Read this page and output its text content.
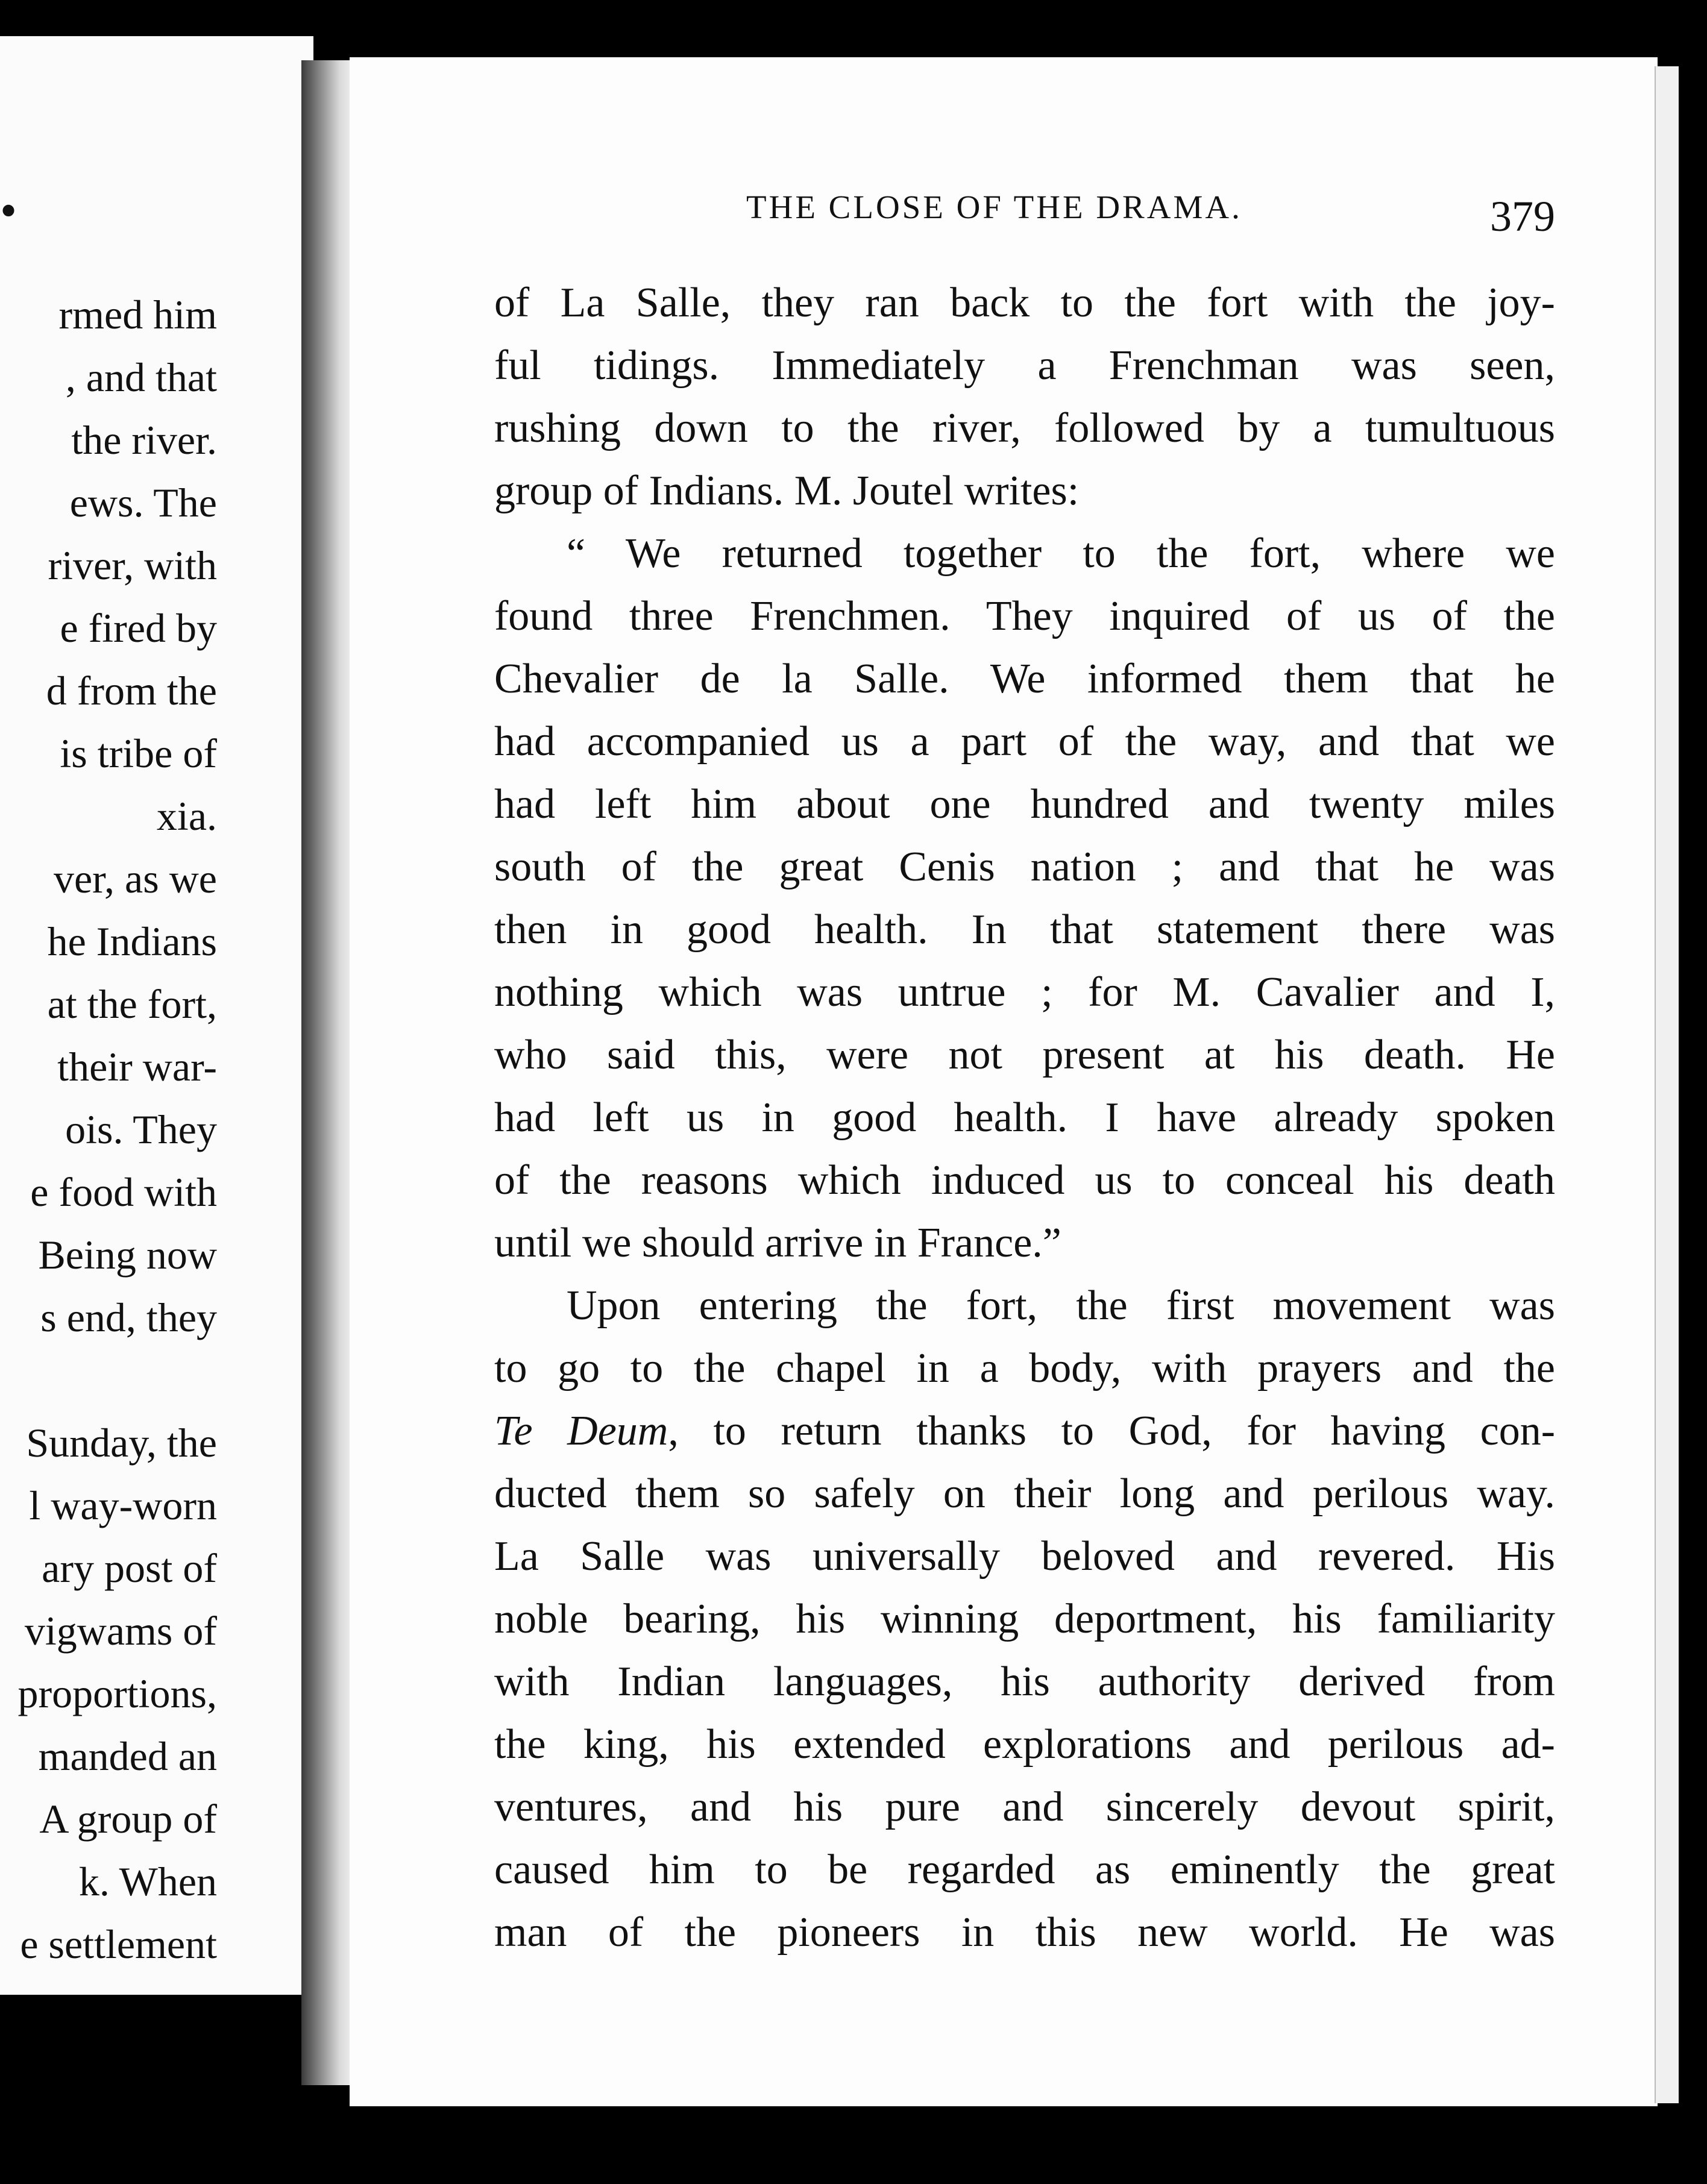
•
rmed him
, and that
the river.
ews. The
river, with
e fired by
d from the
is tribe of
xia.
ver, as we
he Indians
at the fort,
their war-
ois. They
e food with
Being now
s end, they
Sunday, the
l way-worn
ary post of
vigwams of
proportions,
manded an
A group of
k. When
e settlement
THE CLOSE OF THE DRAMA.	379
of La Salle, they ran back to the fort with the joy-
ful tidings. Immediately a Frenchman was seen,
rushing down to the river, followed by a tumultuous
group of Indians. M. Joutel writes:
“ We returned together to the fort, where we
found three Frenchmen. They inquired of us of the
Chevalier de la Salle. We informed them that he
had accompanied us a part of the way, and that we
had left him about one hundred and twenty miles
south of the great Cenis nation ; and that he was
then in good health. In that statement there was
nothing which was untrue ; for M. Cavalier and I,
who said this, were not present at his death. He
had left us in good health. I have already spoken
of the reasons which induced us to conceal his death
until we should arrive in France.”
Upon entering the fort, the first movement was
to go to the chapel in a body, with prayers and the
Te Deum, to return thanks to God, for having con-
ducted them so safely on their long and perilous way.
La Salle was universally beloved and revered. His
noble bearing, his winning deportment, his familiarity
with Indian languages, his authority derived from
the king, his extended explorations and perilous ad-
ventures, and his pure and sincerely devout spirit,
caused him to be regarded as eminently the great
man of the pioneers in this new world. He was
